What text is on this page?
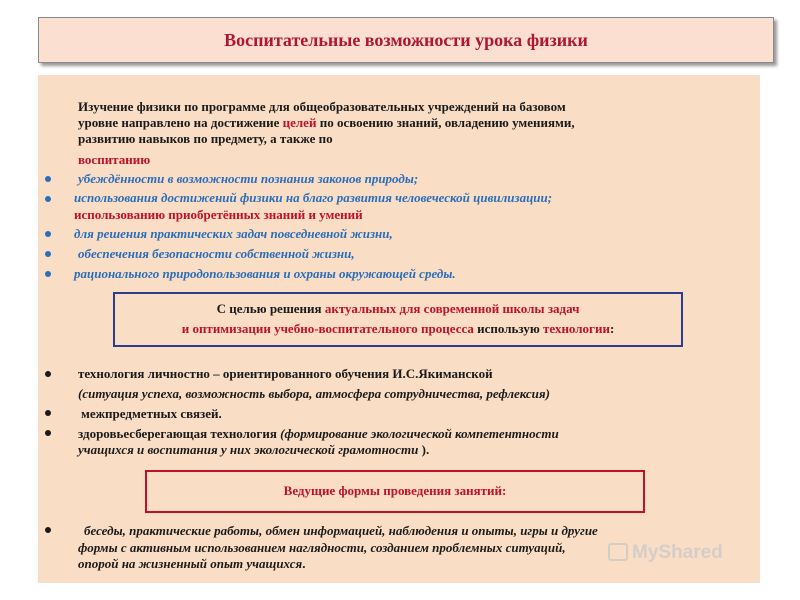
Воспитательные возможности урока физики
Изучение физики по программе для общеобразовательных учреждений на базовом
уровне направлено на достижение целей по освоению знаний, овладению умениями,
развитию навыков по предмету, а также по
воспитанию
убеждённости в возможности познания законов природы;
использования достижений физики на благо развития человеческой цивилизации;
использованию приобретённых знаний и умений
для решения практических задач повседневной жизни,
обеспечения безопасности собственной жизни,
рационального природопользования и охраны окружающей среды.
С целью решения актуальных для современной школы задач
и оптимизации учебно-воспитательного процесса использую технологии:
технология личностно – ориентированного обучения И.С.Якиманской
(ситуация успеха, возможность выбора, атмосфера сотрудничества, рефлексия)
межпредметных связей.
здоровьесберегающая технология (формирование экологической компетентности
учащихся и воспитания у них экологической грамотности ).
Ведущие формы проведения занятий:
беседы, практические работы, обмен информацией, наблюдения и опыты, игры и другие
формы с активным использованием наглядности, созданием проблемных ситуаций,
опорой на жизненный опыт учащихся.
MyShared
